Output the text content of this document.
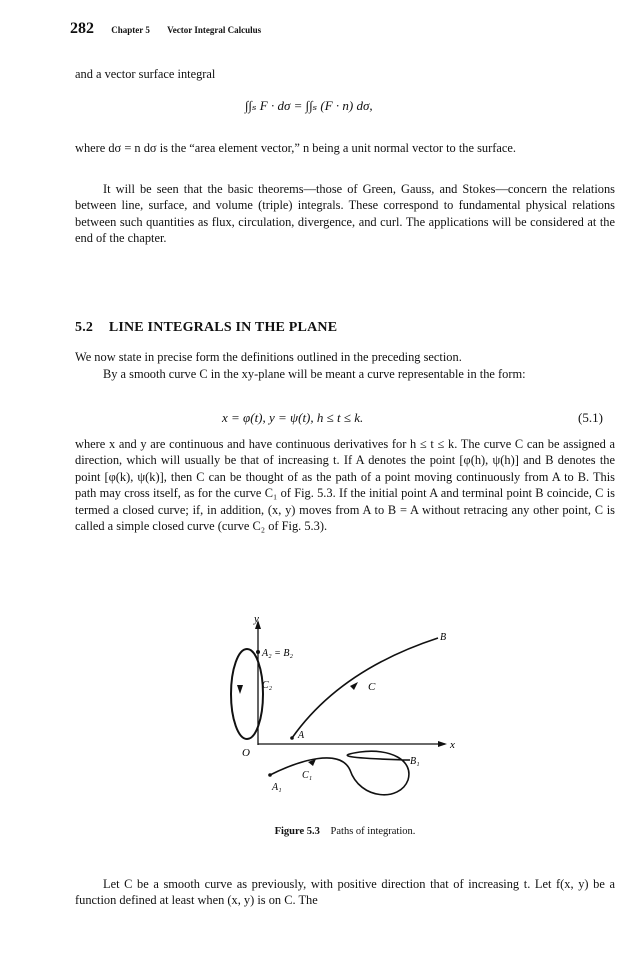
282 Chapter 5 Vector Integral Calculus

and a vector surface integral

∫∫ₛ F · dσ = ∫∫ₛ (F · n) dσ,

where dσ = n dσ is the “area element vector,” n being a unit normal vector to the surface.

It will be seen that the basic theorems—those of Green, Gauss, and Stokes—concern the relations between line, surface, and volume (triple) integrals. These correspond to fundamental physical relations between such quantities as flux, circulation, divergence, and curl. The applications will be considered at the end of the chapter.

5.2 LINE INTEGRALS IN THE PLANE

We now state in precise form the definitions outlined in the preceding section.

By a smooth curve C in the xy-plane will be meant a curve representable in the form:

x = φ(t), y = ψ(t), h ≤ t ≤ k.	(5.1)

where x and y are continuous and have continuous derivatives for h ≤ t ≤ k. The curve C can be assigned a direction, which will usually be that of increasing t. If A denotes the point [φ(h), ψ(h)] and B denotes the point [φ(k), ψ(k)], then C can be thought of as the path of a point moving continuously from A to B. This path may cross itself, as for the curve C₁ of Fig. 5.3. If the initial point A and terminal point B coincide, C is termed a closed curve; if, in addition, (x, y) moves from A to B = A without retracing any other point, C is called a simple closed curve (curve C₂ of Fig. 5.3).

y
x
O
A₂ = B₂
C₂	C
A
B
C₁
A₁
B₁
Figure 5.3 Paths of integration.

Let C be a smooth curve as previously, with positive direction that of increasing t. Let f(x, y) be a function defined at least when (x, y) is on C. The
